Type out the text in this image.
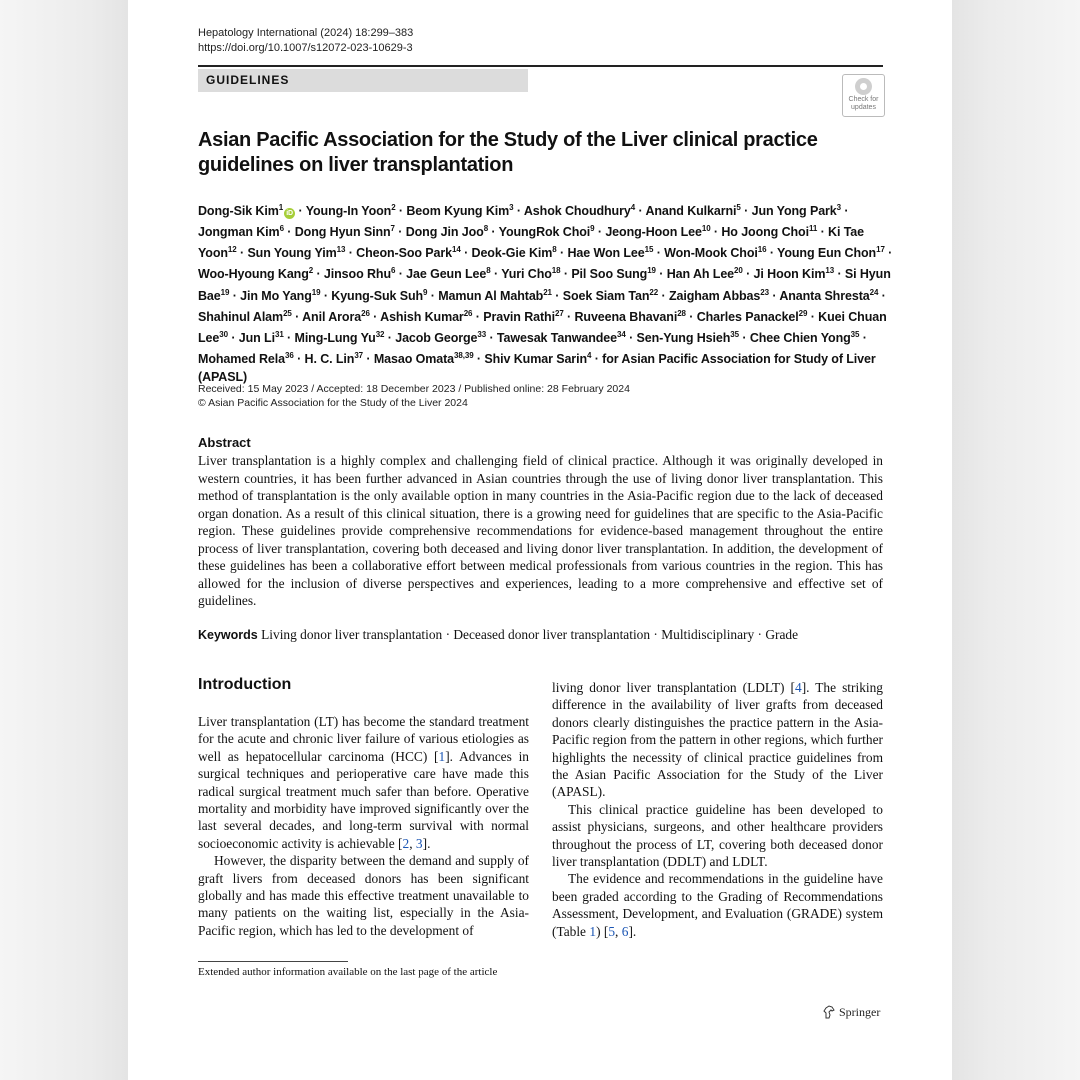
Hepatology International (2024) 18:299–383
https://doi.org/10.1007/s12072-023-10629-3
GUIDELINES
Check for
updates
Asian Pacific Association for the Study of the Liver clinical practice guidelines on liver transplantation
Dong-Sik Kim$^1$iD · Young-In Yoon$^2$ · Beom Kyung Kim$^3$ · Ashok Choudhury$^4$ · Anand Kulkarni$^5$ · Jun Yong Park$^3$ · Jongman Kim$^6$ · Dong Hyun Sinn$^7$ · Dong Jin Joo$^8$ · YoungRok Choi$^9$ · Jeong-Hoon Lee$^{10}$ · Ho Joong Choi$^{11}$ · Ki Tae Yoon$^{12}$ · Sun Young Yim$^{13}$ · Cheon-Soo Park$^{14}$ · Deok-Gie Kim$^8$ · Hae Won Lee$^{15}$ · Won-Mook Choi$^{16}$ · Young Eun Chon$^{17}$ · Woo-Hyoung Kang$^2$ · Jinsoo Rhu$^6$ · Jae Geun Lee$^8$ · Yuri Cho$^{18}$ · Pil Soo Sung$^{19}$ · Han Ah Lee$^{20}$ · Ji Hoon Kim$^{13}$ · Si Hyun Bae$^{19}$ · Jin Mo Yang$^{19}$ · Kyung-Suk Suh$^9$ · Mamun Al Mahtab$^{21}$ · Soek Siam Tan$^{22}$ · Zaigham Abbas$^{23}$ · Ananta Shresta$^{24}$ · Shahinul Alam$^{25}$ · Anil Arora$^{26}$ · Ashish Kumar$^{26}$ · Pravin Rathi$^{27}$ · Ruveena Bhavani$^{28}$ · Charles Panackel$^{29}$ · Kuei Chuan Lee$^{30}$ · Jun $Li^{31}$ · Ming-Lung $Yu^{32}$ · Jacob George$^{33}$ · Tawesak Tanwandee$^{34}$ · Sen-Yung Hsieh$^{35}$ · Chee Chien Yong$^{35}$ · Mohamed Rela$^{36}$ · H. C. Lin$^{37}$ · Masao Omata$^{38,39}$ · Shiv Kumar Sarin$^4$ · for Asian Pacific Association for Study of Liver (APASL)
Received: 15 May 2023 / Accepted: 18 December 2023 / Published online: 28 February 2024
© Asian Pacific Association for the Study of the Liver 2024
Abstract
Liver transplantation is a highly complex and challenging field of clinical practice. Although it was originally developed in western countries, it has been further advanced in Asian countries through the use of living donor liver transplantation. This method of transplantation is the only available option in many countries in the Asia-Pacific region due to the lack of deceased organ donation. As a result of this clinical situation, there is a growing need for guidelines that are specific to the Asia-Pacific region. These guidelines provide comprehensive recommendations for evidence-based management throughout the entire process of liver transplantation, covering both deceased and living donor liver transplantation. In addition, the development of these guidelines has been a collaborative effort between medical professionals from various countries in the region. This has allowed for the inclusion of diverse perspectives and experiences, leading to a more comprehensive and effective set of guidelines.
Keywords Living donor liver transplantation · Deceased donor liver transplantation · Multidisciplinary · Grade
Introduction

Liver transplantation (LT) has become the standard treatment for the acute and chronic liver failure of various etiologies as well as hepatocellular carcinoma (HCC) [1]. Advances in surgical techniques and perioperative care have made this radical surgical treatment much safer than before. Operative mortality and morbidity have improved significantly over the last several decades, and long-term survival with normal socioeconomic activity is achievable [2, 3].

However, the disparity between the demand and supply of graft livers from deceased donors has been significant globally and has made this effective treatment unavailable to many patients on the waiting list, especially in the Asia-Pacific region, which has led to the development of

living donor liver transplantation (LDLT) [4]. The striking difference in the availability of liver grafts from deceased donors clearly distinguishes the practice pattern in the Asia-Pacific region from the pattern in other regions, which further highlights the necessity of clinical practice guidelines from the Asian Pacific Association for the Study of the Liver (APASL).

This clinical practice guideline has been developed to assist physicians, surgeons, and other healthcare providers throughout the process of LT, covering both deceased donor liver transplantation (DDLT) and LDLT.

The evidence and recommendations in the guideline have been graded according to the Grading of Recommendations Assessment, Development, and Evaluation (GRADE) system (Table 1) [5, 6].

Extended author information available on the last page of the article
Springer
